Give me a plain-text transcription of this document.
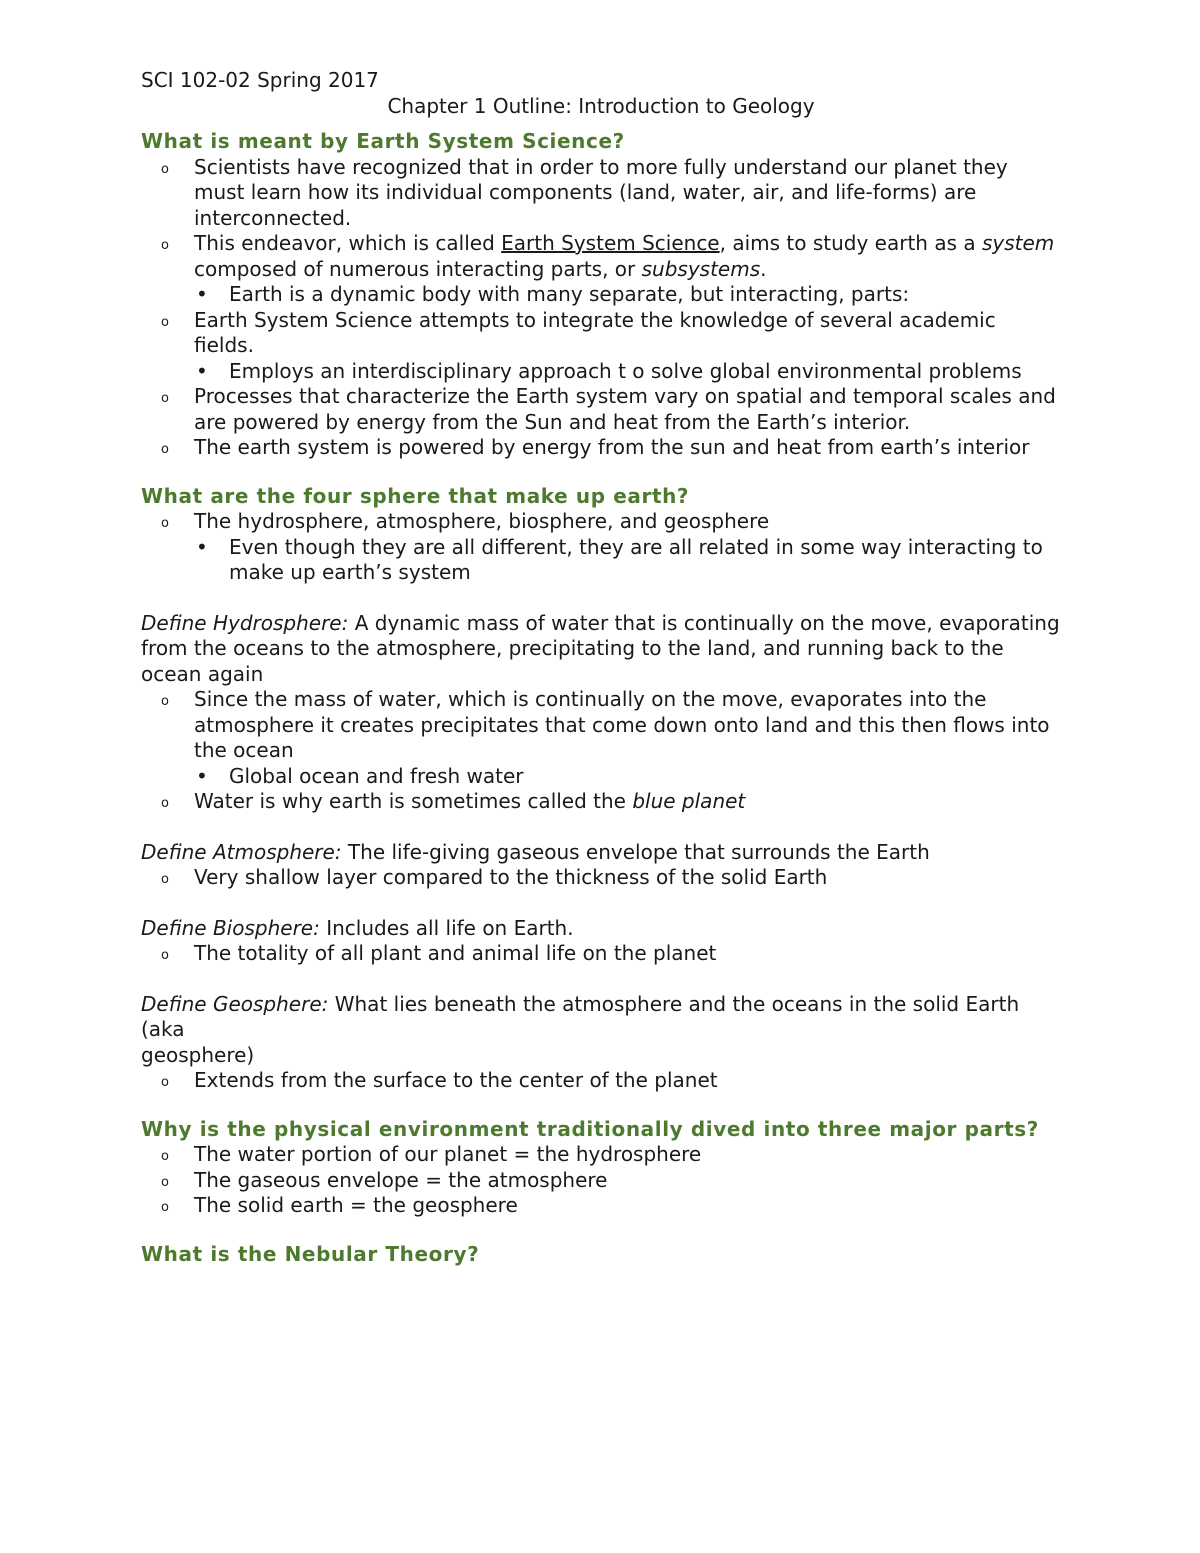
SCI 102-02 Spring 2017

Chapter 1 Outline: Introduction to Geology

What is meant by Earth System Science?
o Scientists have recognized that in order to more fully understand our planet they must learn how its individual components (land, water, air, and life-forms) are interconnected.
o This endeavor, which is called Earth System Science, aims to study earth as a system composed of numerous interacting parts, or subsystems.
• Earth is a dynamic body with many separate, but interacting, parts:
o Earth System Science attempts to integrate the knowledge of several academic fields.
• Employs an interdisciplinary approach t o solve global environmental problems
o Processes that characterize the Earth system vary on spatial and temporal scales and are powered by energy from the Sun and heat from the Earth’s interior.
o The earth system is powered by energy from the sun and heat from earth’s interior
What are the four sphere that make up earth?
o The hydrosphere, atmosphere, biosphere, and geosphere
• Even though they are all different, they are all related in some way interacting to make up earth’s system

Define Hydrosphere: A dynamic mass of water that is continually on the move, evaporating from the oceans to the atmosphere, precipitating to the land, and running back to the ocean again

o Since the mass of water, which is continually on the move, evaporates into the atmosphere it creates precipitates that come down onto land and this then flows into the ocean
• Global ocean and fresh water
o Water is why earth is sometimes called the blue planet

Define Atmosphere: The life-giving gaseous envelope that surrounds the Earth

o Very shallow layer compared to the thickness of the solid Earth

Define Biosphere: Includes all life on Earth.

o The totality of all plant and animal life on the planet

Define Geosphere: What lies beneath the atmosphere and the oceans in the solid Earth (aka

geosphere)

o Extends from the surface to the center of the planet
Why is the physical environment traditionally dived into three major parts?
o The water portion of our planet = the hydrosphere
o The gaseous envelope = the atmosphere
o The solid earth = the geosphere
What is the Nebular Theory?
